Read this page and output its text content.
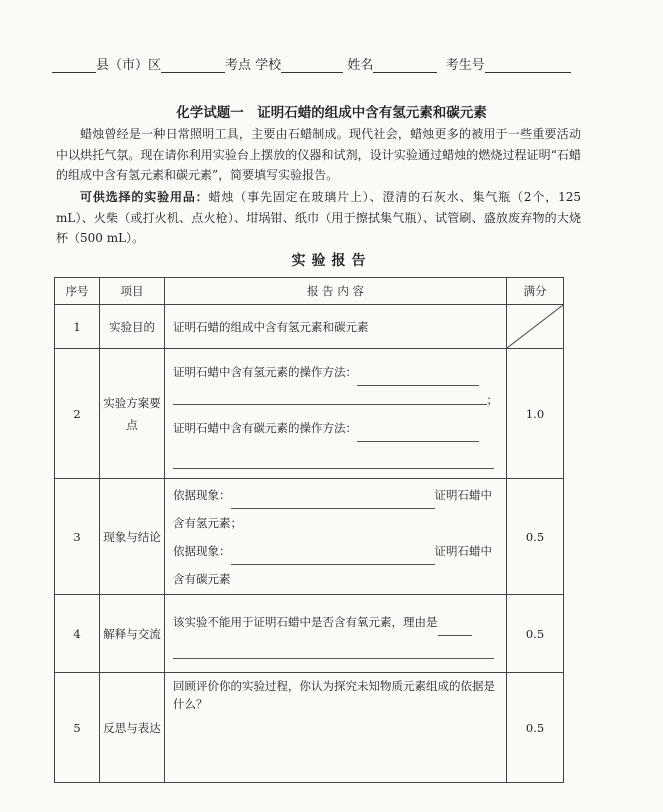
县（市）区	考点 学校	姓名	考生号
化学试题一　证明石蜡的组成中含有氢元素和碳元素
蜡烛曾经是一种日常照明工具，主要由石蜡制成。现代社会，蜡烛更多的被用于一些重要活动中以烘托气氛。现在请你利用实验台上摆放的仪器和试剂，设计实验通过蜡烛的燃烧过程证明“石蜡的组成中含有氢元素和碳元素”，简要填写实验报告。
可供选择的实验用品：蜡烛（事先固定在玻璃片上）、澄清的石灰水、集气瓶（2个，125 mL）、火柴（或打火机、点火枪）、坩埚钳、纸巾（用于擦拭集气瓶）、试管刷、盛放废弃物的大烧杯（500 mL）。
实验报告
序号	项目	报 告 内 容	满分
1	实验目的	证明石蜡的组成中含有氢元素和碳元素	

2	实验方案要点	证明石蜡中含有氢元素的操作方法：
；
证明石蜡中含有碳元素的操作方法：	1.0
3	现象与结论	依据现象： 证明石蜡中
含有氢元素；
依据现象： 证明石蜡中
含有碳元素	0.5
4	解释与交流	该实验不能用于证明石蜡中是否含有氧元素，理由是	0.5
5	反思与表达	回顾评价你的实验过程，你认为探究未知物质元素组成的依据是什么？	0.5
